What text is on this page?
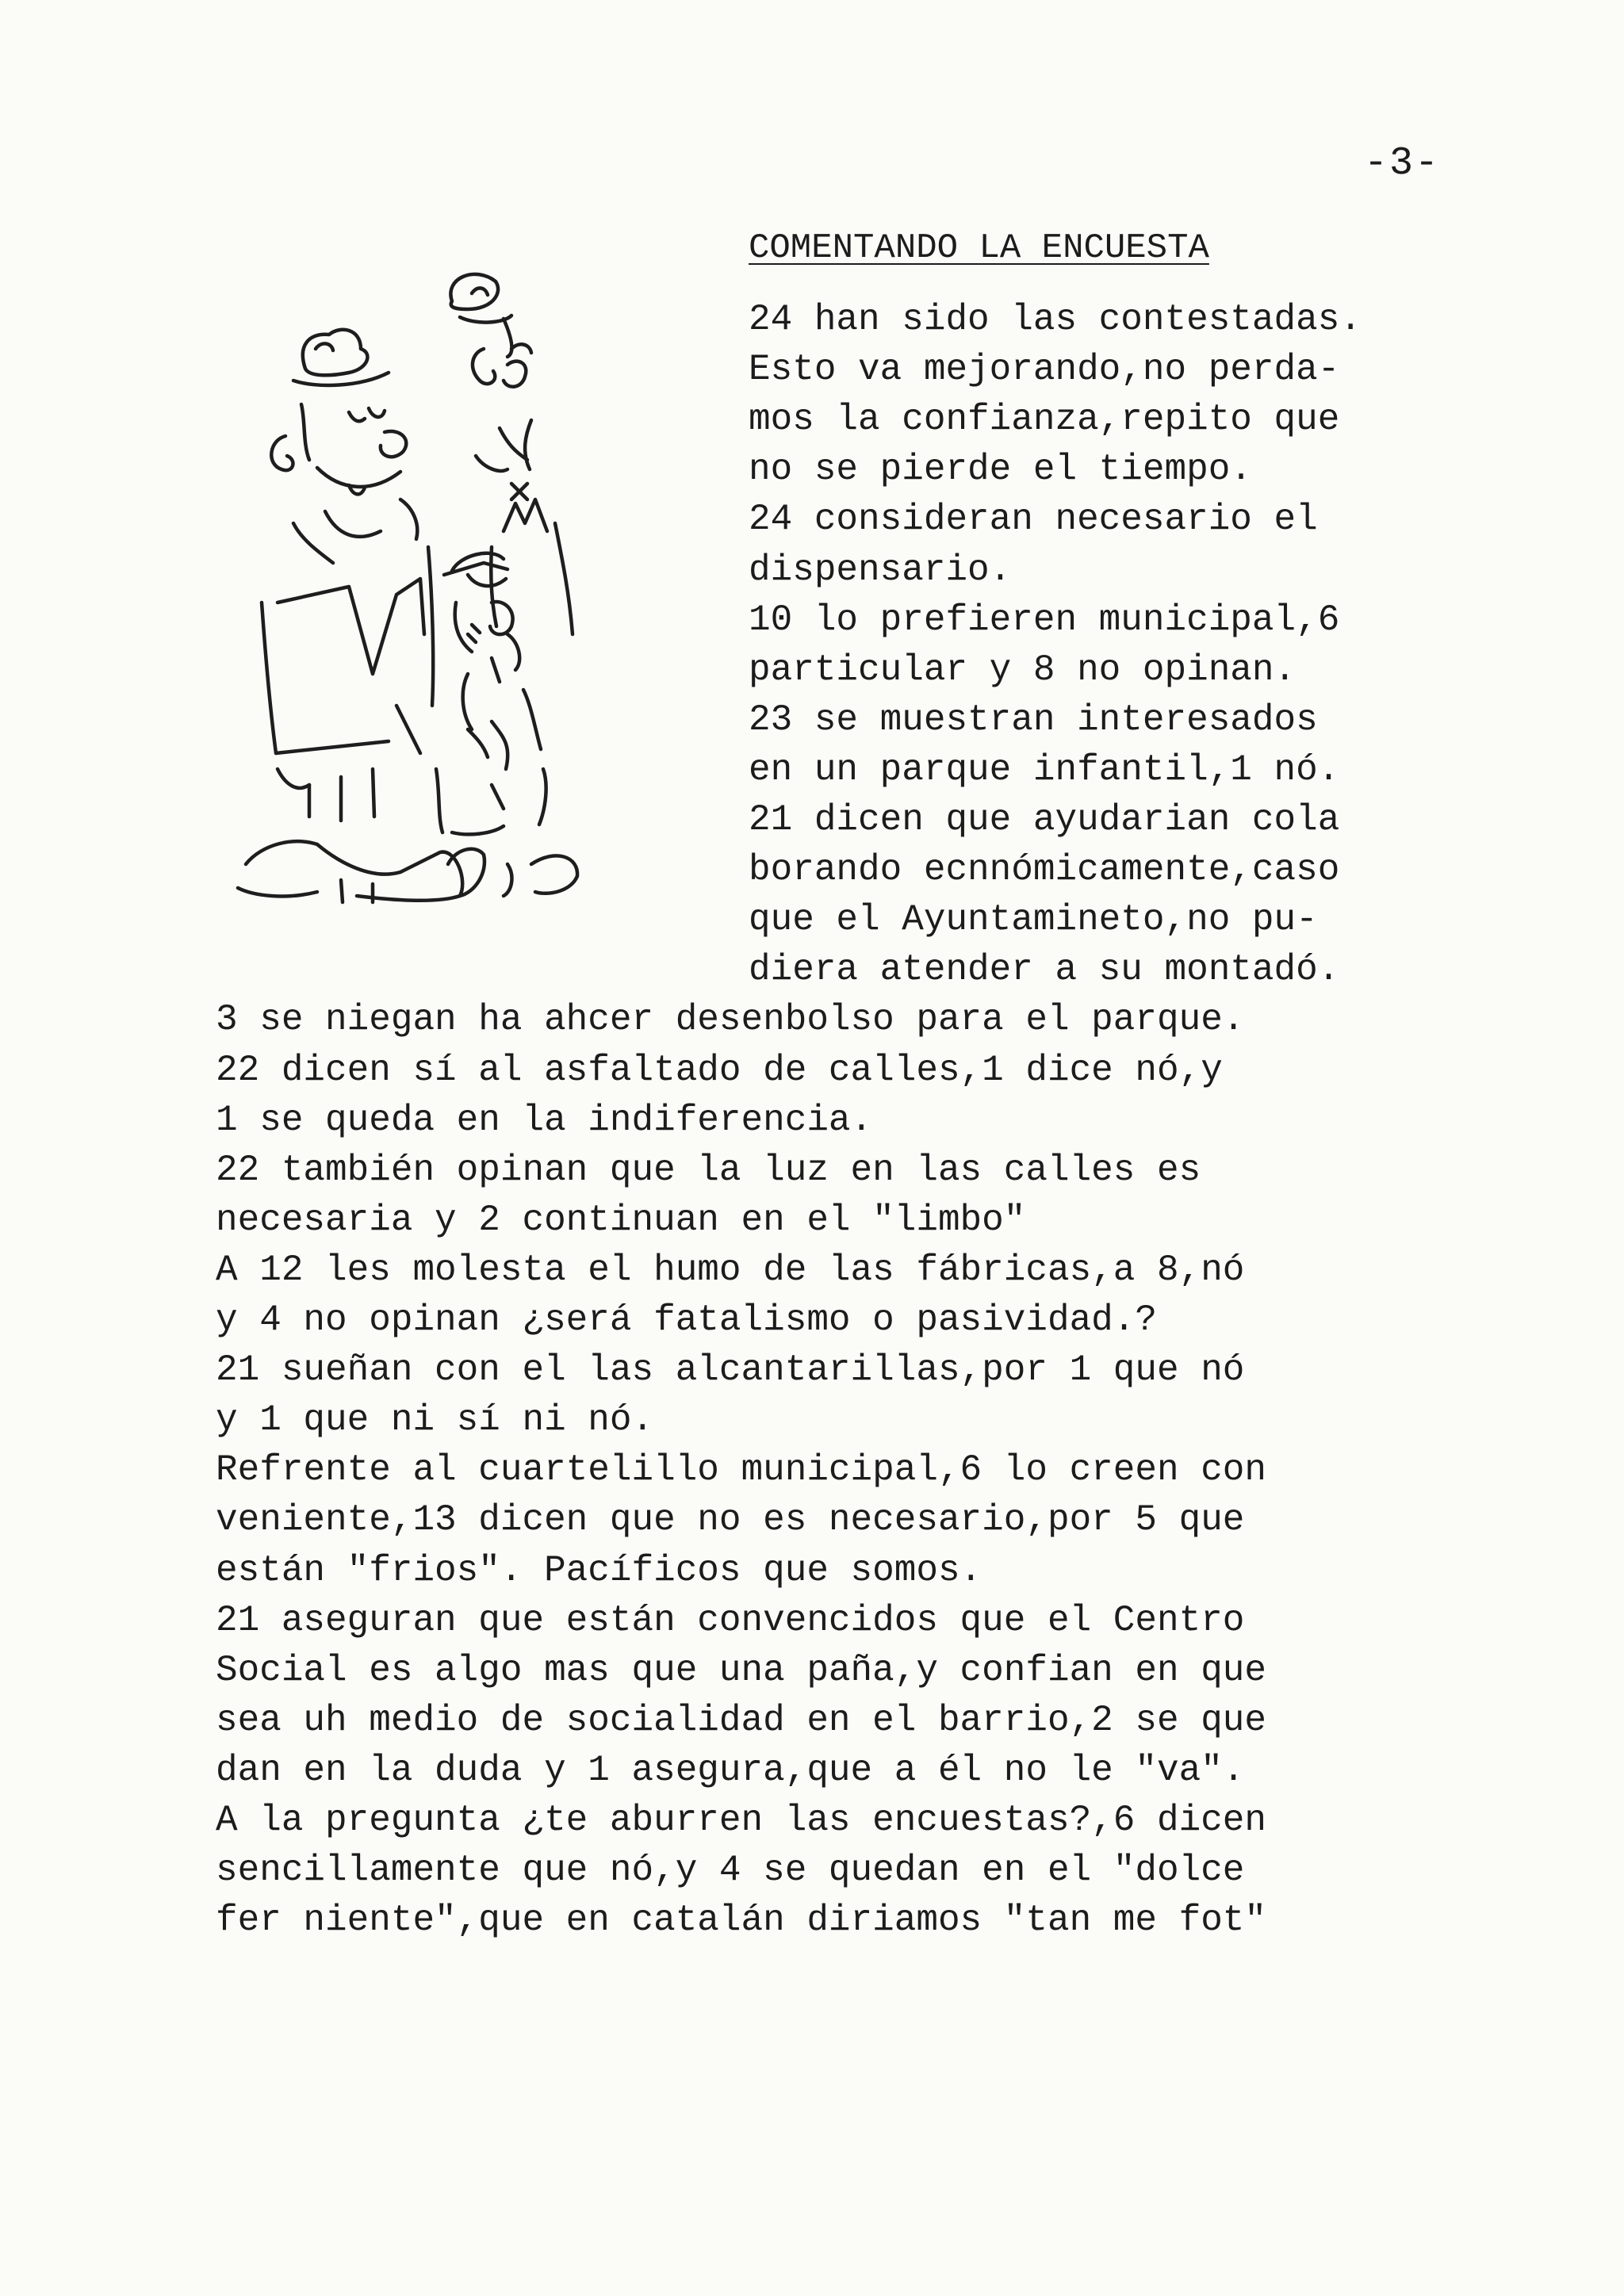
-3-
COMENTANDO LA ENCUESTA
24 han sido las contestadas.
Esto va mejorando,no perda-
mos la confianza,repito que
no se pierde el tiempo.
24 consideran necesario el
dispensario.
10 lo prefieren municipal,6
particular y 8 no opinan.
23 se muestran interesados
en un parque infantil,1 nó.
21 dicen que ayudarian cola
borando ecnnómicamente,caso
que el Ayuntamineto,no pu-
diera atender a su montadó.
3 se niegan ha ahcer desenbolso para el parque.
22 dicen sí al asfaltado de calles,1 dice nó,y
1 se queda en la indiferencia.
22 también opinan que la luz en las calles es
necesaria y 2 continuan en el "limbo"
A 12 les molesta el humo de las fábricas,a 8,nó
y 4 no opinan ¿será fatalismo o pasividad.?
21 sueñan con el las alcantarillas,por 1 que nó
y 1 que ni sí ni nó.
Refrente al cuartelillo municipal,6 lo creen con
veniente,13 dicen que no es necesario,por 5 que
están "frios". Pacíficos que somos.
21 aseguran que están convencidos que el Centro
Social es algo mas que una paña,y confian en que
sea uh medio de socialidad en el barrio,2 se que
dan en la duda y 1 asegura,que a él no le "va".
A la pregunta ¿te aburren las encuestas?,6 dicen
sencillamente que nó,y 4 se quedan en el "dolce
fer niente",que en catalán diriamos "tan me fot"
